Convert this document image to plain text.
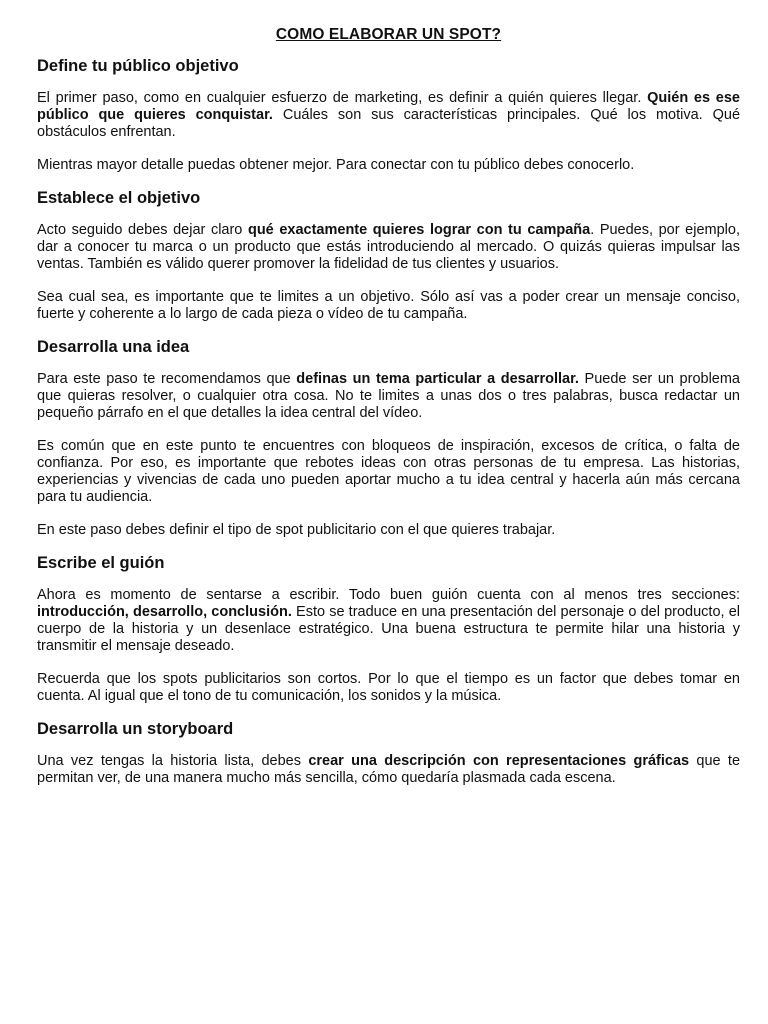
COMO ELABORAR UN SPOT?
Define tu público objetivo

El primer paso, como en cualquier esfuerzo de marketing, es definir a quién quieres llegar. Quién es ese público que quieres conquistar. Cuáles son sus características principales. Qué los motiva. Qué obstáculos enfrentan.

Mientras mayor detalle puedas obtener mejor. Para conectar con tu público debes conocerlo.

Establece el objetivo

Acto seguido debes dejar claro qué exactamente quieres lograr con tu campaña. Puedes, por ejemplo, dar a conocer tu marca o un producto que estás introduciendo al mercado. O quizás quieras impulsar las ventas. También es válido querer promover la fidelidad de tus clientes y usuarios.

Sea cual sea, es importante que te limites a un objetivo. Sólo así vas a poder crear un mensaje conciso, fuerte y coherente a lo largo de cada pieza o vídeo de tu campaña.

Desarrolla una idea

Para este paso te recomendamos que definas un tema particular a desarrollar. Puede ser un problema que quieras resolver, o cualquier otra cosa. No te limites a unas dos o tres palabras, busca redactar un pequeño párrafo en el que detalles la idea central del vídeo.

Es común que en este punto te encuentres con bloqueos de inspiración, excesos de crítica, o falta de confianza. Por eso, es importante que rebotes ideas con otras personas de tu empresa. Las historias, experiencias y vivencias de cada uno pueden aportar mucho a tu idea central y hacerla aún más cercana para tu audiencia.

En este paso debes definir el tipo de spot publicitario con el que quieres trabajar.

Escribe el guión

Ahora es momento de sentarse a escribir. Todo buen guión cuenta con al menos tres secciones: introducción, desarrollo, conclusión. Esto se traduce en una presentación del personaje o del producto, el cuerpo de la historia y un desenlace estratégico. Una buena estructura te permite hilar una historia y transmitir el mensaje deseado.

Recuerda que los spots publicitarios son cortos. Por lo que el tiempo es un factor que debes tomar en cuenta. Al igual que el tono de tu comunicación, los sonidos y la música.

Desarrolla un storyboard

Una vez tengas la historia lista, debes crear una descripción con representaciones gráficas que te permitan ver, de una manera mucho más sencilla, cómo quedaría plasmada cada escena.
